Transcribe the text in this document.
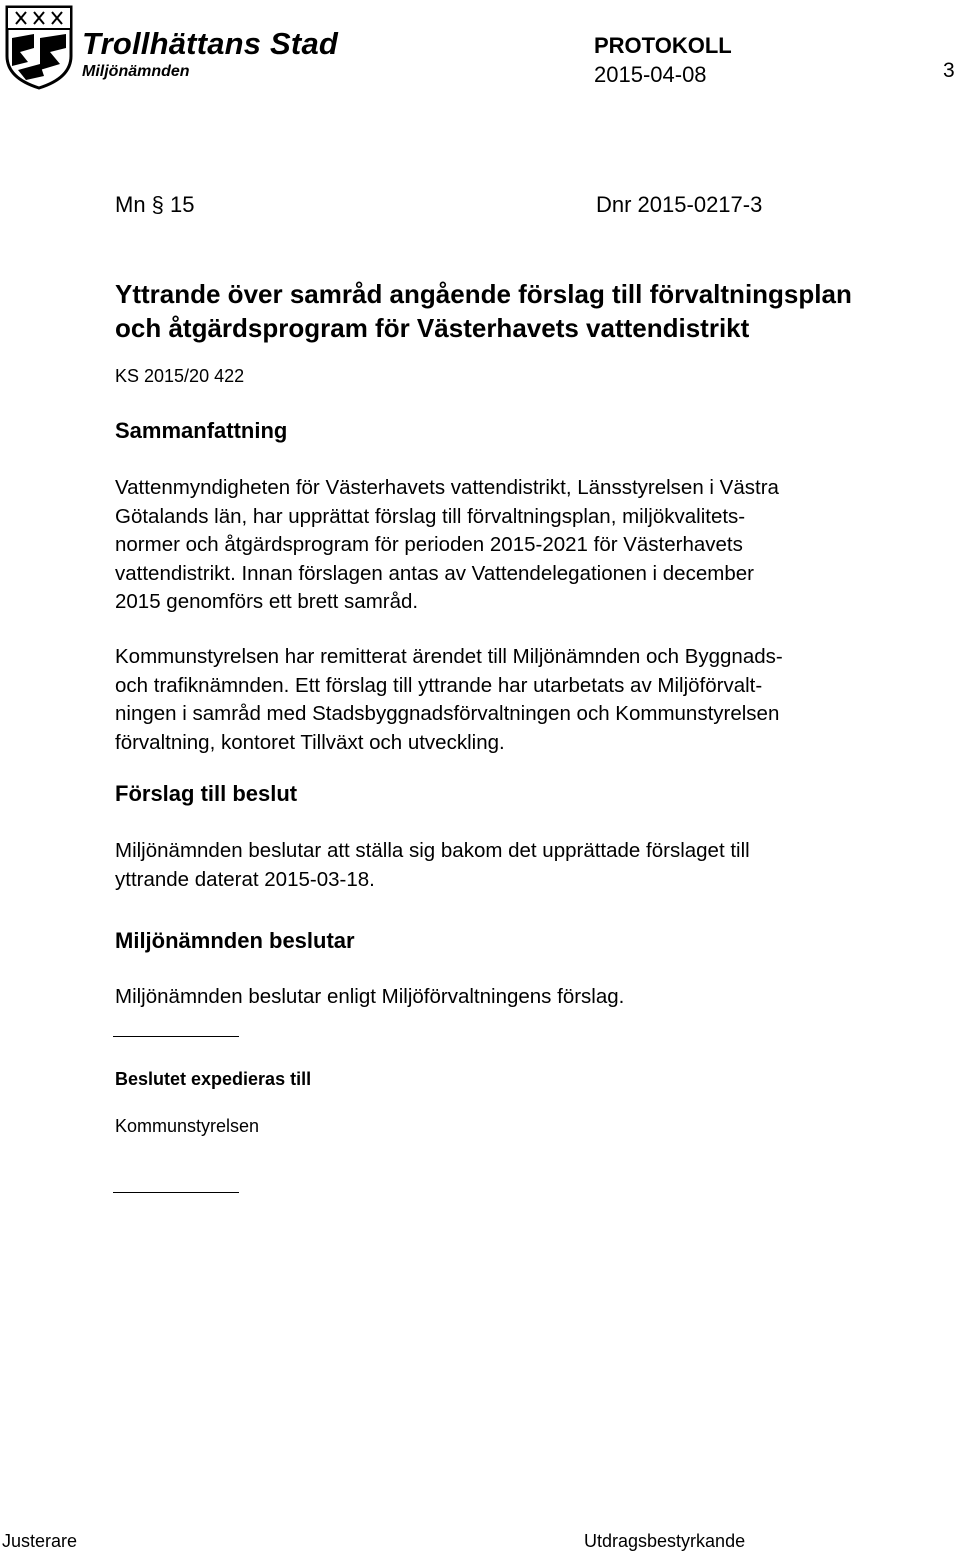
Trollhättans Stad
Miljönämnden
PROTOKOLL
2015-04-08	3
Mn § 15	Dnr 2015-0217-3
Yttrande över samråd angående förslag till förvaltningsplan
och åtgärdsprogram för Västerhavets vattendistrikt
KS 2015/20 422
Sammanfattning
Vattenmyndigheten för Västerhavets vattendistrikt, Länsstyrelsen i Västra
Götalands län, har upprättat förslag till förvaltningsplan, miljökvalitets-
normer och åtgärdsprogram för perioden 2015-2021 för Västerhavets
vattendistrikt. Innan förslagen antas av Vattendelegationen i december
2015 genomförs ett brett samråd.
Kommunstyrelsen har remitterat ärendet till Miljönämnden och Byggnads-
och trafiknämnden. Ett förslag till yttrande har utarbetats av Miljöförvalt-
ningen i samråd med Stadsbyggnadsförvaltningen och Kommunstyrelsen
förvaltning, kontoret Tillväxt och utveckling.
Förslag till beslut
Miljönämnden beslutar att ställa sig bakom det upprättade förslaget till
yttrande daterat 2015-03-18.
Miljönämnden beslutar
Miljönämnden beslutar enligt Miljöförvaltningens förslag.
Beslutet expedieras till
Kommunstyrelsen
Justerare	Utdragsbestyrkande
